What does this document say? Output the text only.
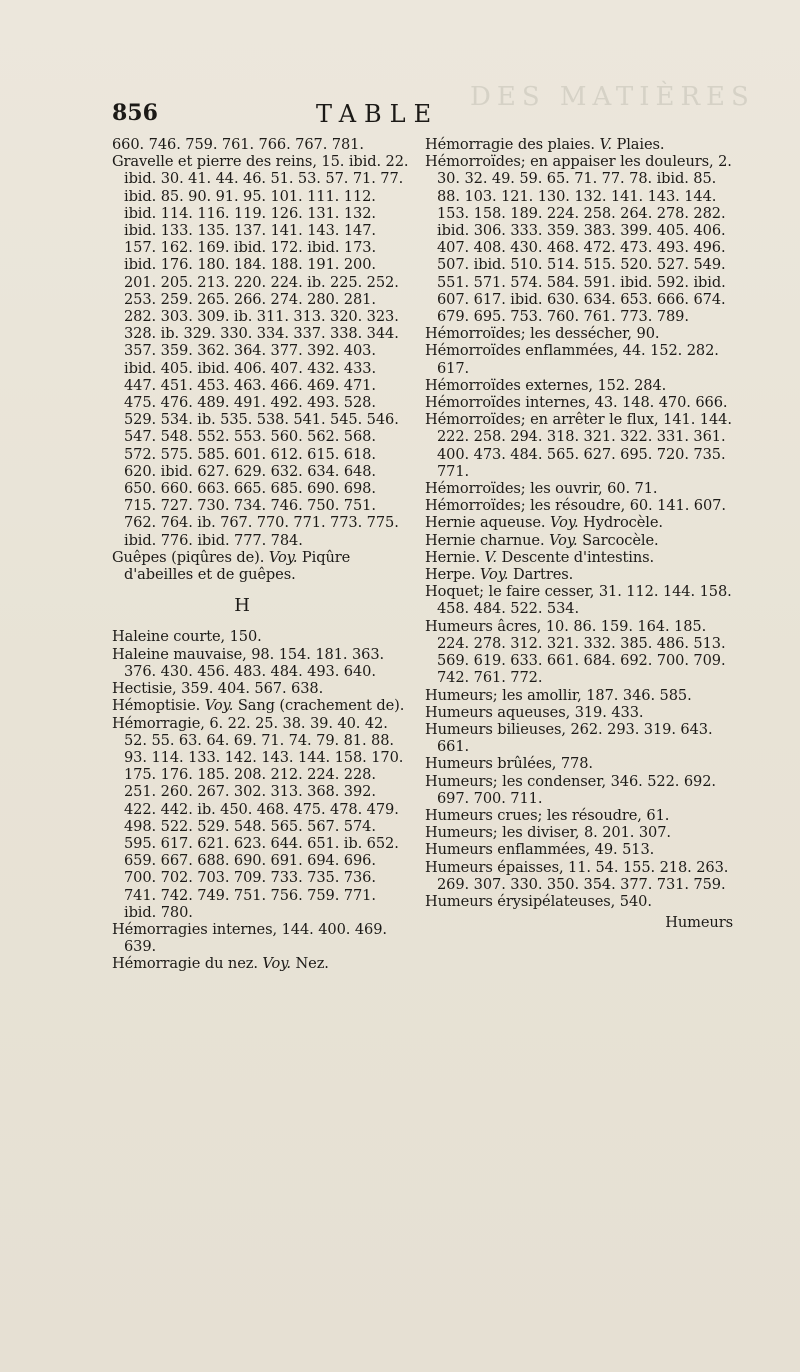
DES MATIÈRES
856	TABLE
660. 746. 759. 761. 766. 767. 781.
Gravelle et pierre des reins, 15. ibid. 22. ibid. 30. 41. 44. 46. 51. 53. 57. 71. 77. ibid. 85. 90. 91. 95. 101. 111. 112. ibid. 114. 116. 119. 126. 131. 132. ibid. 133. 135. 137. 141. 143. 147. 157. 162. 169. ibid. 172. ibid. 173. ibid. 176. 180. 184. 188. 191. 200. 201. 205. 213. 220. 224. ib. 225. 252. 253. 259. 265. 266. 274. 280. 281. 282. 303. 309. ib. 311. 313. 320. 323. 328. ib. 329. 330. 334. 337. 338. 344. 357. 359. 362. 364. 377. 392. 403. ibid. 405. ibid. 406. 407. 432. 433. 447. 451. 453. 463. 466. 469. 471. 475. 476. 489. 491. 492. 493. 528. 529. 534. ib. 535. 538. 541. 545. 546. 547. 548. 552. 553. 560. 562. 568. 572. 575. 585. 601. 612. 615. 618. 620. ibid. 627. 629. 632. 634. 648. 650. 660. 663. 665. 685. 690. 698. 715. 727. 730. 734. 746. 750. 751. 762. 764. ib. 767. 770. 771. 773. 775. ibid. 776. ibid. 777. 784.
Guêpes (piqûres de). Voy. Piqûre d'abeilles et de guêpes.
H
Haleine courte, 150.
Haleine mauvaise, 98. 154. 181. 363. 376. 430. 456. 483. 484. 493. 640.
Hectisie, 359. 404. 567. 638.
Hémoptisie. Voy. Sang (crachement de).
Hémorragie, 6. 22. 25. 38. 39. 40. 42. 52. 55. 63. 64. 69. 71. 74. 79. 81. 88. 93. 114. 133. 142. 143. 144. 158. 170. 175. 176. 185. 208. 212. 224. 228. 251. 260. 267. 302. 313. 368. 392. 422. 442. ib. 450. 468. 475. 478. 479. 498. 522. 529. 548. 565. 567. 574. 595. 617. 621. 623. 644. 651. ib. 652. 659. 667. 688. 690. 691. 694. 696. 700. 702. 703. 709. 733. 735. 736. 741. 742. 749. 751. 756. 759. 771. ibid. 780.
Hémorragies internes, 144. 400. 469. 639.
Hémorragie du nez. Voy. Nez.
Hémorragie des plaies. V. Plaies.
Hémorroïdes; en appaiser les douleurs, 2. 30. 32. 49. 59. 65. 71. 77. 78. ibid. 85. 88. 103. 121. 130. 132. 141. 143. 144. 153. 158. 189. 224. 258. 264. 278. 282. ibid. 306. 333. 359. 383. 399. 405. 406. 407. 408. 430. 468. 472. 473. 493. 496. 507. ibid. 510. 514. 515. 520. 527. 549. 551. 571. 574. 584. 591. ibid. 592. ibid. 607. 617. ibid. 630. 634. 653. 666. 674. 679. 695. 753. 760. 761. 773. 789.
Hémorroïdes; les dessécher, 90.
Hémorroïdes enflammées, 44. 152. 282. 617.
Hémorroïdes externes, 152. 284.
Hémorroïdes internes, 43. 148. 470. 666.
Hémorroïdes; en arrêter le flux, 141. 144. 222. 258. 294. 318. 321. 322. 331. 361. 400. 473. 484. 565. 627. 695. 720. 735. 771.
Hémorroïdes; les ouvrir, 60. 71.
Hémorroïdes; les résoudre, 60. 141. 607.
Hernie aqueuse. Voy. Hydrocèle.
Hernie charnue. Voy. Sarcocèle.
Hernie. V. Descente d'intestins.
Herpe. Voy. Dartres.
Hoquet; le faire cesser, 31. 112. 144. 158. 458. 484. 522. 534.
Humeurs âcres, 10. 86. 159. 164. 185. 224. 278. 312. 321. 332. 385. 486. 513. 569. 619. 633. 661. 684. 692. 700. 709. 742. 761. 772.
Humeurs; les amollir, 187. 346. 585.
Humeurs aqueuses, 319. 433.
Humeurs bilieuses, 262. 293. 319. 643. 661.
Humeurs brûlées, 778.
Humeurs; les condenser, 346. 522. 692. 697. 700. 711.
Humeurs crues; les résoudre, 61.
Humeurs; les diviser, 8. 201. 307.
Humeurs enflammées, 49. 513.
Humeurs épaisses, 11. 54. 155. 218. 263. 269. 307. 330. 350. 354. 377. 731. 759.
Humeurs érysipélateuses, 540.
Humeurs
